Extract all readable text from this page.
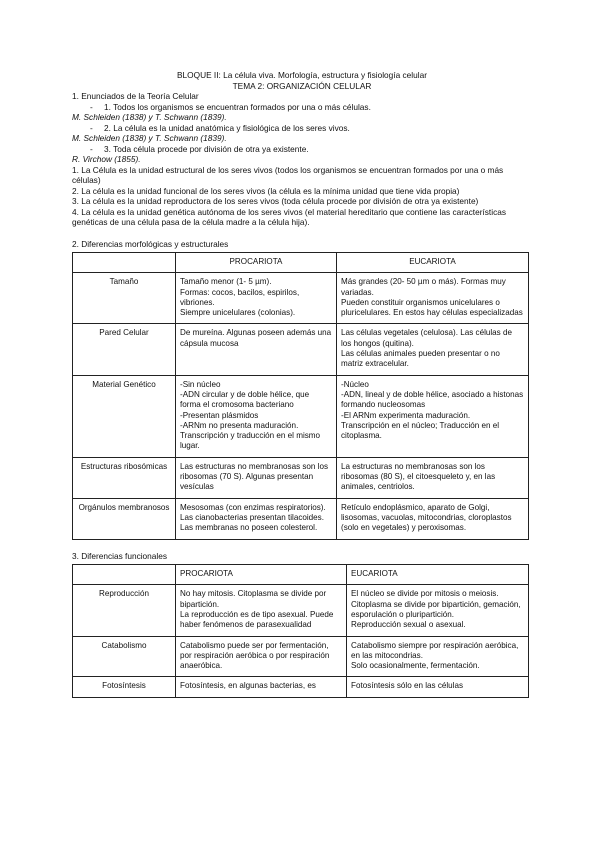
BLOQUE II: La célula viva. Morfología, estructura y fisiología celular
TEMA 2: ORGANIZACIÓN CELULAR
1. Enunciados de la Teoría Celular
- 1. Todos los organismos se encuentran formados por una o más células.
M. Schleiden (1838) y T. Schwann (1839).
- 2. La célula es la unidad anatómica y fisiológica de los seres vivos.
M. Schleiden (1838) y T. Schwann (1839).
- 3. Toda célula procede por división de otra ya existente.
R. Virchow (1855).
1. La Célula es la unidad estructural de los seres vivos (todos los organismos se encuentran formados por una o más células)
2. La célula es la unidad funcional de los seres vivos (la célula es la mínima unidad que tiene vida propia)
3. La célula es la unidad reproductora de los seres vivos (toda célula procede por división de otra ya existente)
4. La célula es la unidad genética autónoma de los seres vivos (el material hereditario que contiene las características genéticas de una célula pasa de la célula madre a la célula hija).
2. Diferencias morfológicas y estructurales
	PROCARIOTA	EUCARIOTA
Tamaño	Tamaño menor (1- 5 µm).
Formas: cocos, bacilos, espirilos, vibriones.
Siempre unicelulares (colonias).	Más grandes (20- 50 µm o más). Formas muy variadas.
Pueden constituir organismos unicelulares o pluricelulares. En estos hay células especializadas
Pared Celular	De mureína. Algunas poseen además una cápsula mucosa	Las células vegetales (celulosa). Las células de los hongos (quitina).
Las células animales pueden presentar o no matriz extracelular.
Material Genético	-Sin núcleo
-ADN circular y de doble hélice, que forma el cromosoma bacteriano
-Presentan plásmidos
-ARNm no presenta maduración.
Transcripción y traducción en el mismo lugar.	-Núcleo
-ADN, lineal y de doble hélice, asociado a histonas formando nucleosomas
-El ARNm experimenta maduración.
Transcripción en el núcleo; Traducción en el citoplasma.
Estructuras ribosómicas	Las estructuras no membranosas son los ribosomas (70 S). Algunas presentan vesículas	La estructuras no membranosas son los ribosomas (80 S), el citoesqueleto y, en las animales, centriolos.
Orgánulos membranosos	Mesosomas (con enzimas respiratorios). Las cianobacterias presentan tilacoides. Las membranas no poseen colesterol.	Retículo endoplásmico, aparato de Golgi, lisosomas, vacuolas, mitocondrias, cloroplastos (solo en vegetales) y peroxisomas.
3. Diferencias funcionales
	PROCARIOTA	EUCARIOTA
Reproducción	No hay mitosis. Citoplasma se divide por bipartición.
La reproducción es de tipo asexual. Puede haber fenómenos de parasexualidad	El núcleo se divide por mitosis o meiosis. Citoplasma se divide por bipartición, gemación, esporulación o pluripartición.
Reproducción sexual o asexual.
Catabolismo	Catabolismo puede ser por fermentación, por respiración aeróbica o por respiración anaeróbica.	Catabolismo siempre por respiración aeróbica, en las mitocondrias.
Solo ocasionalmente, fermentación.
Fotosíntesis	Fotosíntesis, en algunas bacterias, es	Fotosíntesis sólo en las células
